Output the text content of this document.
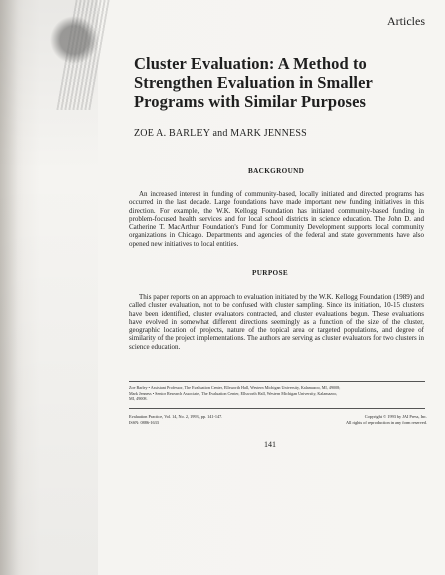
Articles
Cluster Evaluation: A Method to Strengthen Evaluation in Smaller Programs with Similar Purposes
ZOE A. BARLEY and MARK JENNESS
BACKGROUND
An increased interest in funding of community-based, locally initiated and directed programs has occurred in the last decade. Large foundations have made important new funding initiatives in this direction. For example, the W.K. Kellogg Foundation has initiated community-based funding in problem-focused health services and for local school districts in science education. The John D. and Catherine T. MacArthur Foundation's Fund for Community Development supports local community organizations in Chicago. Departments and agencies of the federal and state governments have also opened new initiatives to local entities.
PURPOSE
This paper reports on an approach to evaluation initiated by the W.K. Kellogg Foundation (1989) and called cluster evaluation, not to be confused with cluster sampling. Since its initiation, 10-15 clusters have been identified, cluster evaluators contracted, and cluster evaluations begun. These evaluations have evolved in somewhat different directions seemingly as a function of the size of the cluster, geographic location of projects, nature of the topical area or targeted populations, and degree of similarity of the project implementations. The authors are serving as cluster evaluators for two clusters in science education.
Zoe Barley • Assistant Professor, The Evaluation Center, Ellsworth Hall, Western Michigan University, Kalamazoo, MI, 49008;
Mark Jenness • Senior Research Associate, The Evaluation Center, Ellsworth Hall, Western Michigan University, Kalamazoo,
MI, 49008.
Evaluation Practice, Vol. 14, No. 2, 1993, pp. 141-147.
ISSN: 0886-1633
Copyright © 1993 by JAI Press, Inc.
All rights of reproduction in any form reserved.
141
